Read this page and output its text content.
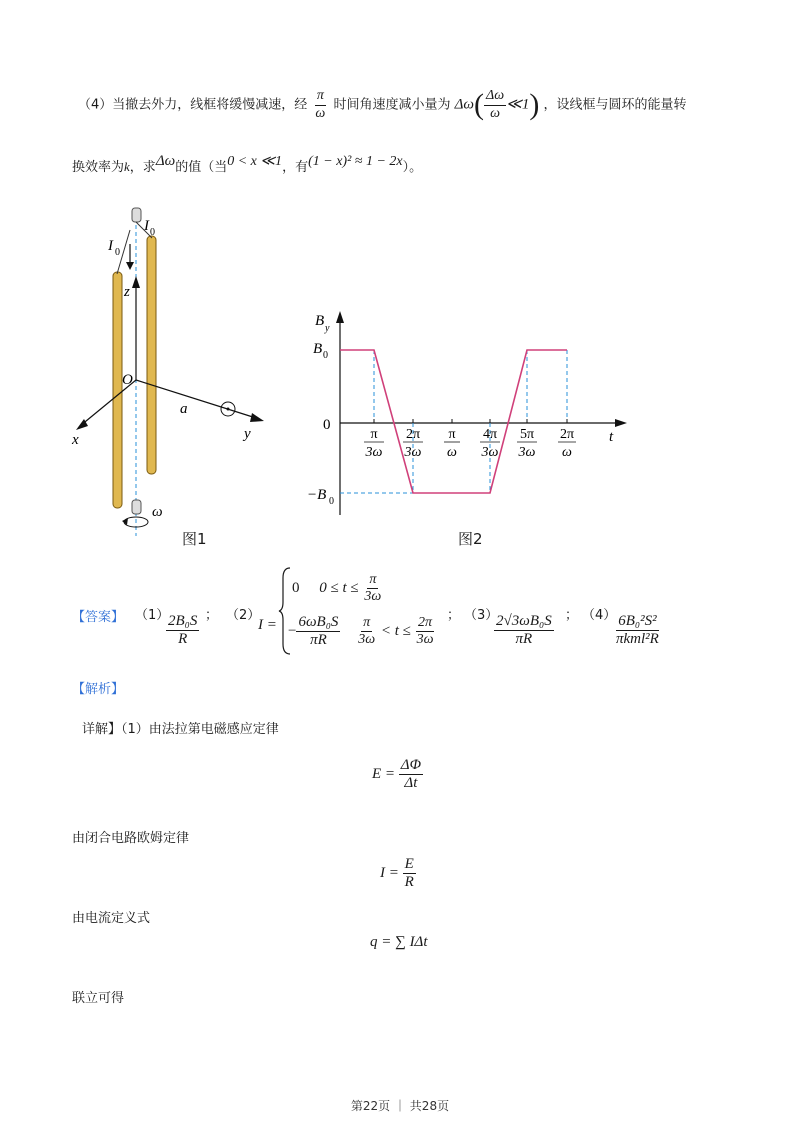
（4）当撤去外力，线框将缓慢减速，经 $\frac{\pi}{\omega}$ 时间角速度减小量为 $\Delta\omega( \frac{\Delta\omega}{\omega}$ ≪1) ，设线框与圆环的能量转
换效率为k，求Δω的值（当0 < x ≪1，有(1 − x)² ≈ 1 − 2x）。
I 0
I 0
z
O
a
x	y
ω
图1
B y
B 0
0
−B 0
t
π
3ω
2π
3ω
π
ω
4π
3ω
5π
3ω
2π
ω
图2
【答案】 （1）
$\frac{\text{2B₀S}}{R}$ ； （2）
I =
0 $0 \le t \le \frac{\pi}{3\omega}$
− $\frac{\text{6ωB₀S}}{\pi R}$
$\frac{\pi}{3\omega} < t \le \frac{2\pi}{3\omega}$ ； （3）
$\frac{\text{2√3ωB₀S}}{\pi R}$ ； （4）
$\frac{\text{6B₀²S²}}{\text{πkml²R}}$
【解析】
详解】（1）由法拉第电磁感应定律
$E = \frac{\Delta\Phi}{\Delta t}$
由闭合电路欧姆定律
$I = \frac{E}{R}$
由电流定义式
q = ∑ IΔt
联立可得
第22页 ｜ 共28页
